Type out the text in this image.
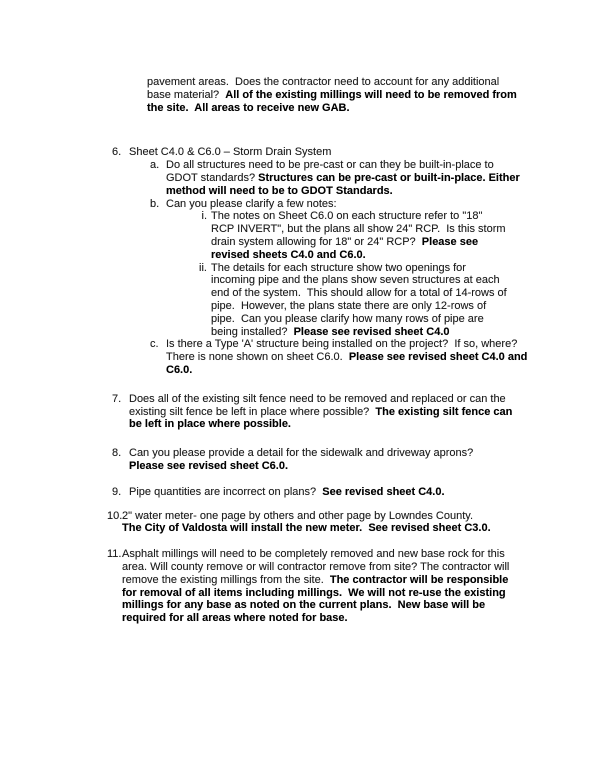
pavement areas.  Does the contractor need to account for any additional base material?  All of the existing millings will need to be removed from the site.  All areas to receive new GAB.

6. Sheet C4.0 & C6.0 – Storm Drain System

a. Do all structures need to be pre-cast or can they be built-in-place to GDOT standards? Structures can be pre-cast or built-in-place. Either method will need to be to GDOT Standards.

b. Can you please clarify a few notes:

i. The notes on Sheet C6.0 on each structure refer to "18" RCP INVERT", but the plans all show 24" RCP.  Is this storm drain system allowing for 18" or 24" RCP?  Please see revised sheets C4.0 and C6.0.

ii. The details for each structure show two openings for incoming pipe and the plans show seven structures at each end of the system.  This should allow for a total of 14-rows of pipe.  However, the plans state there are only 12-rows of pipe.  Can you please clarify how many rows of pipe are being installed?  Please see revised sheet C4.0

c. Is there a Type 'A' structure being installed on the project?  If so, where?  There is none shown on sheet C6.0.  Please see revised sheet C4.0 and C6.0.

7. Does all of the existing silt fence need to be removed and replaced or can the existing silt fence be left in place where possible?  The existing silt fence can be left in place where possible.

8. Can you please provide a detail for the sidewalk and driveway aprons?
Please see revised sheet C6.0.

9. Pipe quantities are incorrect on plans?  See revised sheet C4.0.

10. 2" water meter- one page by others and other page by Lowndes County.
The City of Valdosta will install the new meter.  See revised sheet C3.0.

11. Asphalt millings will need to be completely removed and new base rock for this area. Will county remove or will contractor remove from site? The contractor will remove the existing millings from the site.  The contractor will be responsible for removal of all items including millings.  We will not re-use the existing millings for any base as noted on the current plans.  New base will be required for all areas where noted for base.
